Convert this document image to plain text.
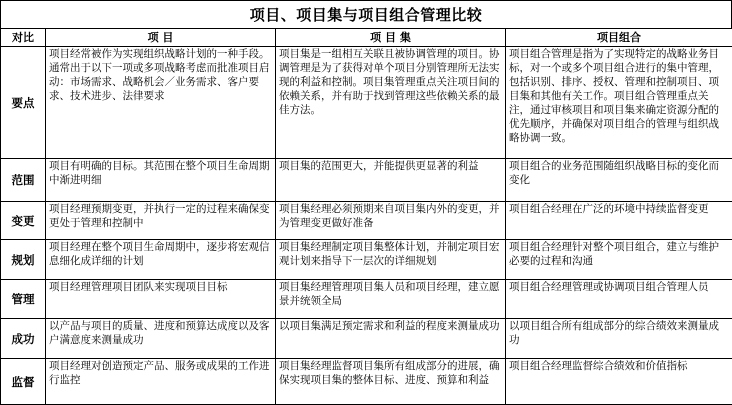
项目、项目集与项目组合管理比较
对比	项 目	项 目 集	项目组合
要点	项目经常被作为实现组织战略计划的一种手段。通常出于以下一项或多项战略考虑而批准项目启动：市场需求、战略机会／业务需求、客户要求、技术进步、法律要求	项目集是一组相互关联且被协调管理的项目。协调管理是为了获得对单个项目分别管理所无法实现的利益和控制。项目集管理重点关注项目间的依赖关系，并有助于找到管理这些依赖关系的最佳方法。	项目组合管理是指为了实现特定的战略业务目标，对一个或多个项目组合进行的集中管理，包括识别、排序、授权、管理和控制项目、项目集和其他有关工作。项目组合管理重点关注，通过审核项目和项目集来确定资源分配的优先顺序，并确保对项目组合的管理与组织战略协调一致。
范围	项目有明确的目标。其范围在整个项目生命周期中渐进明细	项目集的范围更大，并能提供更显著的利益	项目组合的业务范围随组织战略目标的变化而变化
变更	项目经理预期变更，并执行一定的过程来确保变更处于管理和控制中	项目集经理必须预期来自项目集内外的变更，并为管理变更做好准备	项目组合经理在广泛的环境中持续监督变更
规划	项目经理在整个项目生命周期中，逐步将宏观信息细化成详细的计划	项目集经理制定项目集整体计划，并制定项目宏观计划来指导下一层次的详细规划	项目组合经理针对整个项目组合，建立与维护必要的过程和沟通
管理	项目经理管理项目团队来实现项目目标	项目集经理管理项目集人员和项目经理，建立愿景并统领全局	项目组合经理管理或协调项目组合管理人员
成功	以产品与项目的质量、进度和预算达成度以及客户满意度来测量成功	以项目集满足预定需求和利益的程度来测量成功	以项目组合所有组成部分的综合绩效来测量成功
监督	项目经理对创造预定产品、服务或成果的工作进行监控	项目集经理监督项目集所有组成部分的进展，确保实现项目集的整体目标、进度、预算和利益	项目组合经理监督综合绩效和价值指标
